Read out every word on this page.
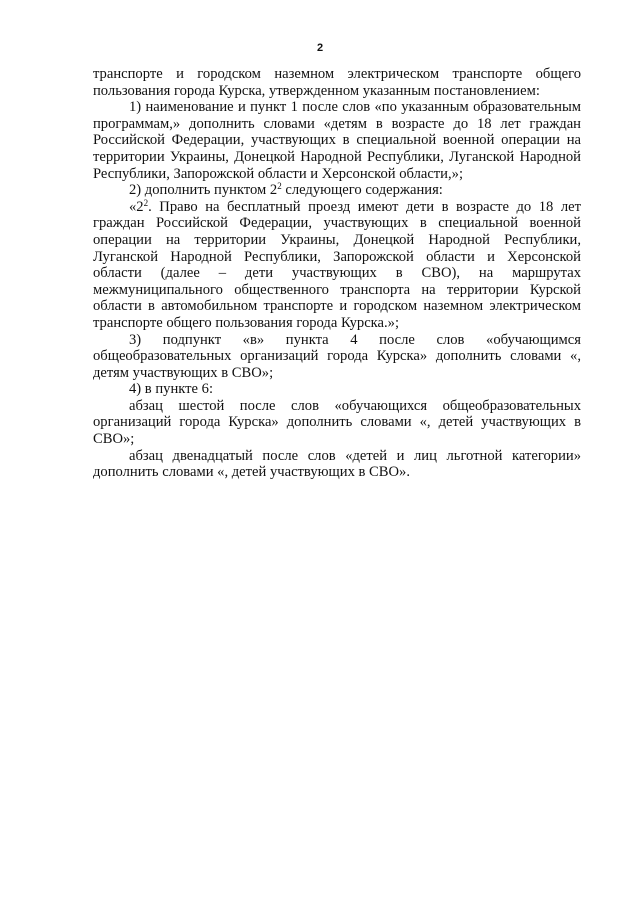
2

транспорте и городском наземном электрическом транспорте общего пользования города Курска, утвержденном указанным постановлением:

1) наименование и пункт 1 после слов «по указанным образовательным программам,» дополнить словами «детям в возрасте до 18 лет граждан Российской Федерации, участвующих в специальной военной операции на территории Украины, Донецкой Народной Республики, Луганской Народной Республики, Запорожской области и Херсонской области,»;

2) дополнить пунктом $2^2$ следующего содержания:

«$2^2$. Право на бесплатный проезд имеют дети в возрасте до 18 лет граждан Российской Федерации, участвующих в специальной военной операции на территории Украины, Донецкой Народной Республики, Луганской Народной Республики, Запорожской области и Херсонской области (далее – дети участвующих в СВО), на маршрутах межмуниципального общественного транспорта на территории Курской области в автомобильном транспорте и городском наземном электрическом транспорте общего пользования города Курска.»;

3) подпункт «в» пункта 4 после слов «обучающимся общеобразовательных организаций города Курска» дополнить словами «, детям участвующих в СВО»;

4) в пункте 6:

абзац шестой после слов «обучающихся общеобразовательных организаций города Курска» дополнить словами «, детей участвующих в СВО»;

абзац двенадцатый после слов «детей и лиц льготной категории» дополнить словами «, детей участвующих в СВО».
